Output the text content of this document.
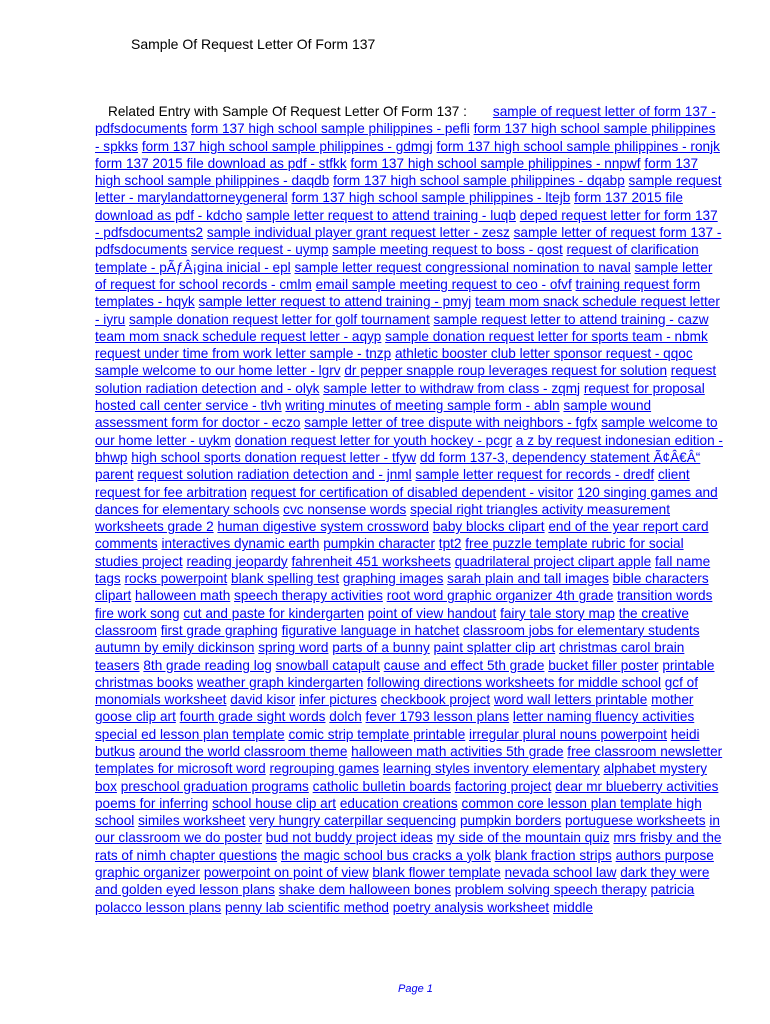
Sample Of Request Letter Of Form 137
Related Entry with Sample Of Request Letter Of Form 137 : sample of request letter of form 137 - pdfsdocuments form 137 high school sample philippines - pefli form 137 high school sample philippines - spkks form 137 high school sample philippines - gdmgj form 137 high school sample philippines - ronjk form 137 2015 file download as pdf - stfkk form 137 high school sample philippines - nnpwf form 137 high school sample philippines - daqdb form 137 high school sample philippines - dqabp sample request letter - marylandattorneygeneral form 137 high school sample philippines - ltejb form 137 2015 file download as pdf - kdcho sample letter request to attend training - luqb deped request letter for form 137 - pdfsdocuments2 sample individual player grant request letter - zesz sample letter of request form 137 - pdfsdocuments service request - uymp sample meeting request to boss - qost request of clarification template - pÃƒÂ¡gina inicial - epl sample letter request congressional nomination to naval sample letter of request for school records - cmlm email sample meeting request to ceo - ofvf training request form templates - hqyk sample letter request to attend training - pmyj team mom snack schedule request letter - iyru sample donation request letter for golf tournament sample request letter to attend training - cazw team mom snack schedule request letter - aqyp sample donation request letter for sports team - nbmk request under time from work letter sample - tnzp athletic booster club letter sponsor request - qqoc sample welcome to our home letter - lgrv dr pepper snapple roup leverages request for solution request solution radiation detection and - olyk sample letter to withdraw from class - zqmj request for proposal hosted call center service - tlvh writing minutes of meeting sample form - abln sample wound assessment form for doctor - eczo sample letter of tree dispute with neighbors - fgfx sample welcome to our home letter - uykm donation request letter for youth hockey - pcgr a z by request indonesian edition - bhwp high school sports donation request letter - tfyw dd form 137-3, dependency statement Ã¢Â€Â“ parent request solution radiation detection and - jnml sample letter request for records - dredf client request for fee arbitration request for certification of disabled dependent - visitor 120 singing games and dances for elementary schools cvc nonsense words special right triangles activity measurement worksheets grade 2 human digestive system crossword baby blocks clipart end of the year report card comments interactives dynamic earth pumpkin character tpt2 free puzzle template rubric for social studies project reading jeopardy fahrenheit 451 worksheets quadrilateral project clipart apple fall name tags rocks powerpoint blank spelling test graphing images sarah plain and tall images bible characters clipart halloween math speech therapy activities root word graphic organizer 4th grade transition words fire work song cut and paste for kindergarten point of view handout fairy tale story map the creative classroom first grade graphing figurative language in hatchet classroom jobs for elementary students autumn by emily dickinson spring word parts of a bunny paint splatter clip art christmas carol brain teasers 8th grade reading log snowball catapult cause and effect 5th grade bucket filler poster printable christmas books weather graph kindergarten following directions worksheets for middle school gcf of monomials worksheet david kisor infer pictures checkbook project word wall letters printable mother goose clip art fourth grade sight words dolch fever 1793 lesson plans letter naming fluency activities special ed lesson plan template comic strip template printable irregular plural nouns powerpoint heidi butkus around the world classroom theme halloween math activities 5th grade free classroom newsletter templates for microsoft word regrouping games learning styles inventory elementary alphabet mystery box preschool graduation programs catholic bulletin boards factoring project dear mr blueberry activities poems for inferring school house clip art education creations common core lesson plan template high school similes worksheet very hungry caterpillar sequencing pumpkin borders portuguese worksheets in our classroom we do poster bud not buddy project ideas my side of the mountain quiz mrs frisby and the rats of nimh chapter questions the magic school bus cracks a yolk blank fraction strips authors purpose graphic organizer powerpoint on point of view blank flower template nevada school law dark they were and golden eyed lesson plans shake dem halloween bones problem solving speech therapy patricia polacco lesson plans penny lab scientific method poetry analysis worksheet middle
Page 1
